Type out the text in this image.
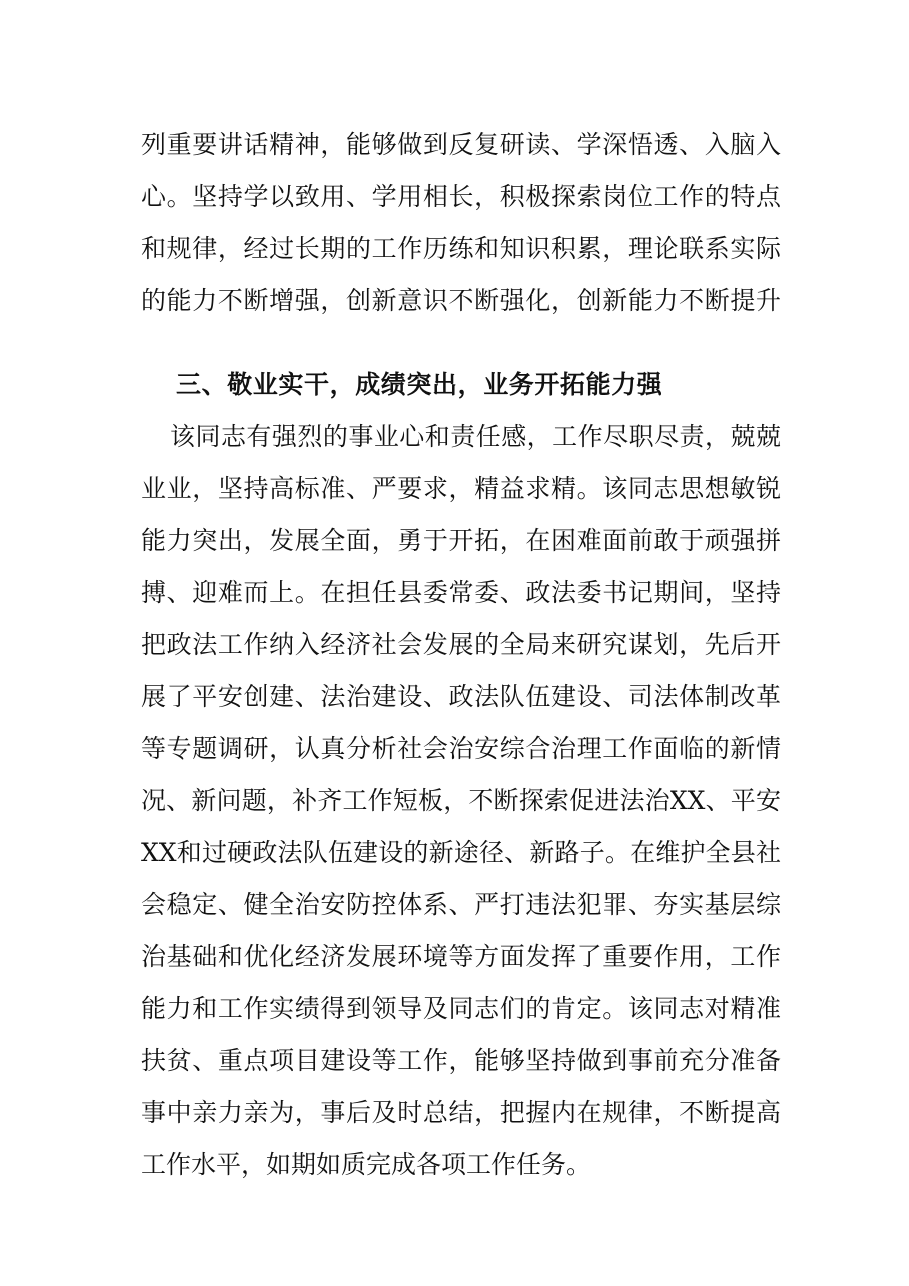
列重要讲话精神，能够做到反复研读、学深悟透、入脑入
心。坚持学以致用、学用相长，积极探索岗位工作的特点
和规律，经过长期的工作历练和知识积累，理论联系实际
的能力不断增强，创新意识不断强化，创新能力不断提升
三、敬业实干，成绩突出，业务开拓能力强
该同志有强烈的事业心和责任感，工作尽职尽责，兢兢
业业，坚持高标准、严要求，精益求精。该同志思想敏锐
能力突出，发展全面，勇于开拓，在困难面前敢于顽强拼
搏、迎难而上。在担任县委常委、政法委书记期间，坚持
把政法工作纳入经济社会发展的全局来研究谋划，先后开
展了平安创建、法治建设、政法队伍建设、司法体制改革
等专题调研，认真分析社会治安综合治理工作面临的新情
况、新问题，补齐工作短板，不断探索促进法治XX、平安
XX和过硬政法队伍建设的新途径、新路子。在维护全县社
会稳定、健全治安防控体系、严打违法犯罪、夯实基层综
治基础和优化经济发展环境等方面发挥了重要作用，工作
能力和工作实绩得到领导及同志们的肯定。该同志对精准
扶贫、重点项目建设等工作，能够坚持做到事前充分准备
事中亲力亲为，事后及时总结，把握内在规律，不断提高
工作水平，如期如质完成各项工作任务。
